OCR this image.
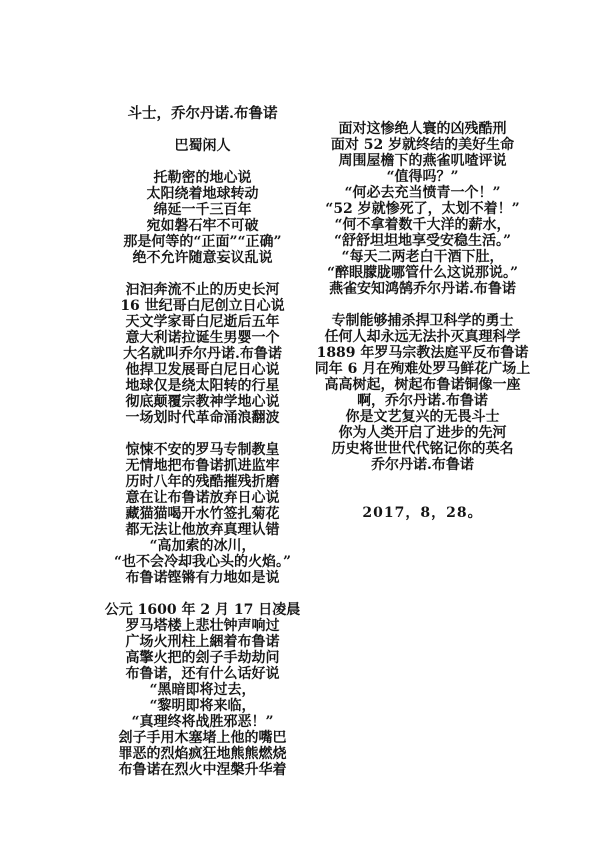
斗士，乔尔丹诺.布鲁诺
巴蜀闲人
托勒密的地心说
太阳绕着地球转动
绵延一千三百年
宛如磐石牢不可破
那是何等的“正面”“正确”
绝不允许随意妄议乱说
汩汩奔流不止的历史长河
16 世纪哥白尼创立日心说
天文学家哥白尼逝后五年
意大利诺拉诞生男婴一个
大名就叫乔尔丹诺.布鲁诺
他捍卫发展哥白尼日心说
地球仅是绕太阳转的行星
彻底颠覆宗教神学地心说
一场划时代革命涌浪翻波
惊悚不安的罗马专制教皇
无情地把布鲁诺抓进监牢
历时八年的残酷摧残折磨
意在让布鲁诺放弃日心说
藏猫猫喝开水竹签扎菊花
都无法让他放弃真理认错
“高加索的冰川，
“也不会冷却我心头的火焰。”
布鲁诺铿锵有力地如是说
公元 1600 年 2 月 17 日凌晨
罗马塔楼上悲壮钟声响过
广场火刑柱上綑着布鲁诺
高擎火把的刽子手劫劫问
布鲁诺，还有什么话好说
“黑暗即将过去，
“黎明即将来临，
“真理终将战胜邪恶！”
刽子手用木塞堵上他的嘴巴
罪恶的烈焰疯狂地熊熊燃烧
布鲁诺在烈火中涅槃升华着
面对这惨绝人寰的凶残酷刑
面对 52 岁就终结的美好生命
周围屋檐下的燕雀叽喳评说
“值得吗？”
“何必去充当愤青一个！”
“52 岁就惨死了，太划不着！”
“何不拿着数千大洋的薪水，
“舒舒坦坦地享受安稳生活。”
“每天二两老白干酒下肚，
“醉眼朦胧哪管什么这说那说。”
燕雀安知鸿鹄乔尔丹诺.布鲁诺
专制能够捕杀捍卫科学的勇士
任何人却永远无法扑灭真理科学
1889 年罗马宗教法庭平反布鲁诺
同年 6 月在殉难处罗马鲜花广场上
高高树起，树起布鲁诺铜像一座
啊，乔尔丹诺.布鲁诺
你是文艺复兴的无畏斗士
你为人类开启了进步的先河
历史将世世代代铭记你的英名
乔尔丹诺.布鲁诺
2017，8，28。
